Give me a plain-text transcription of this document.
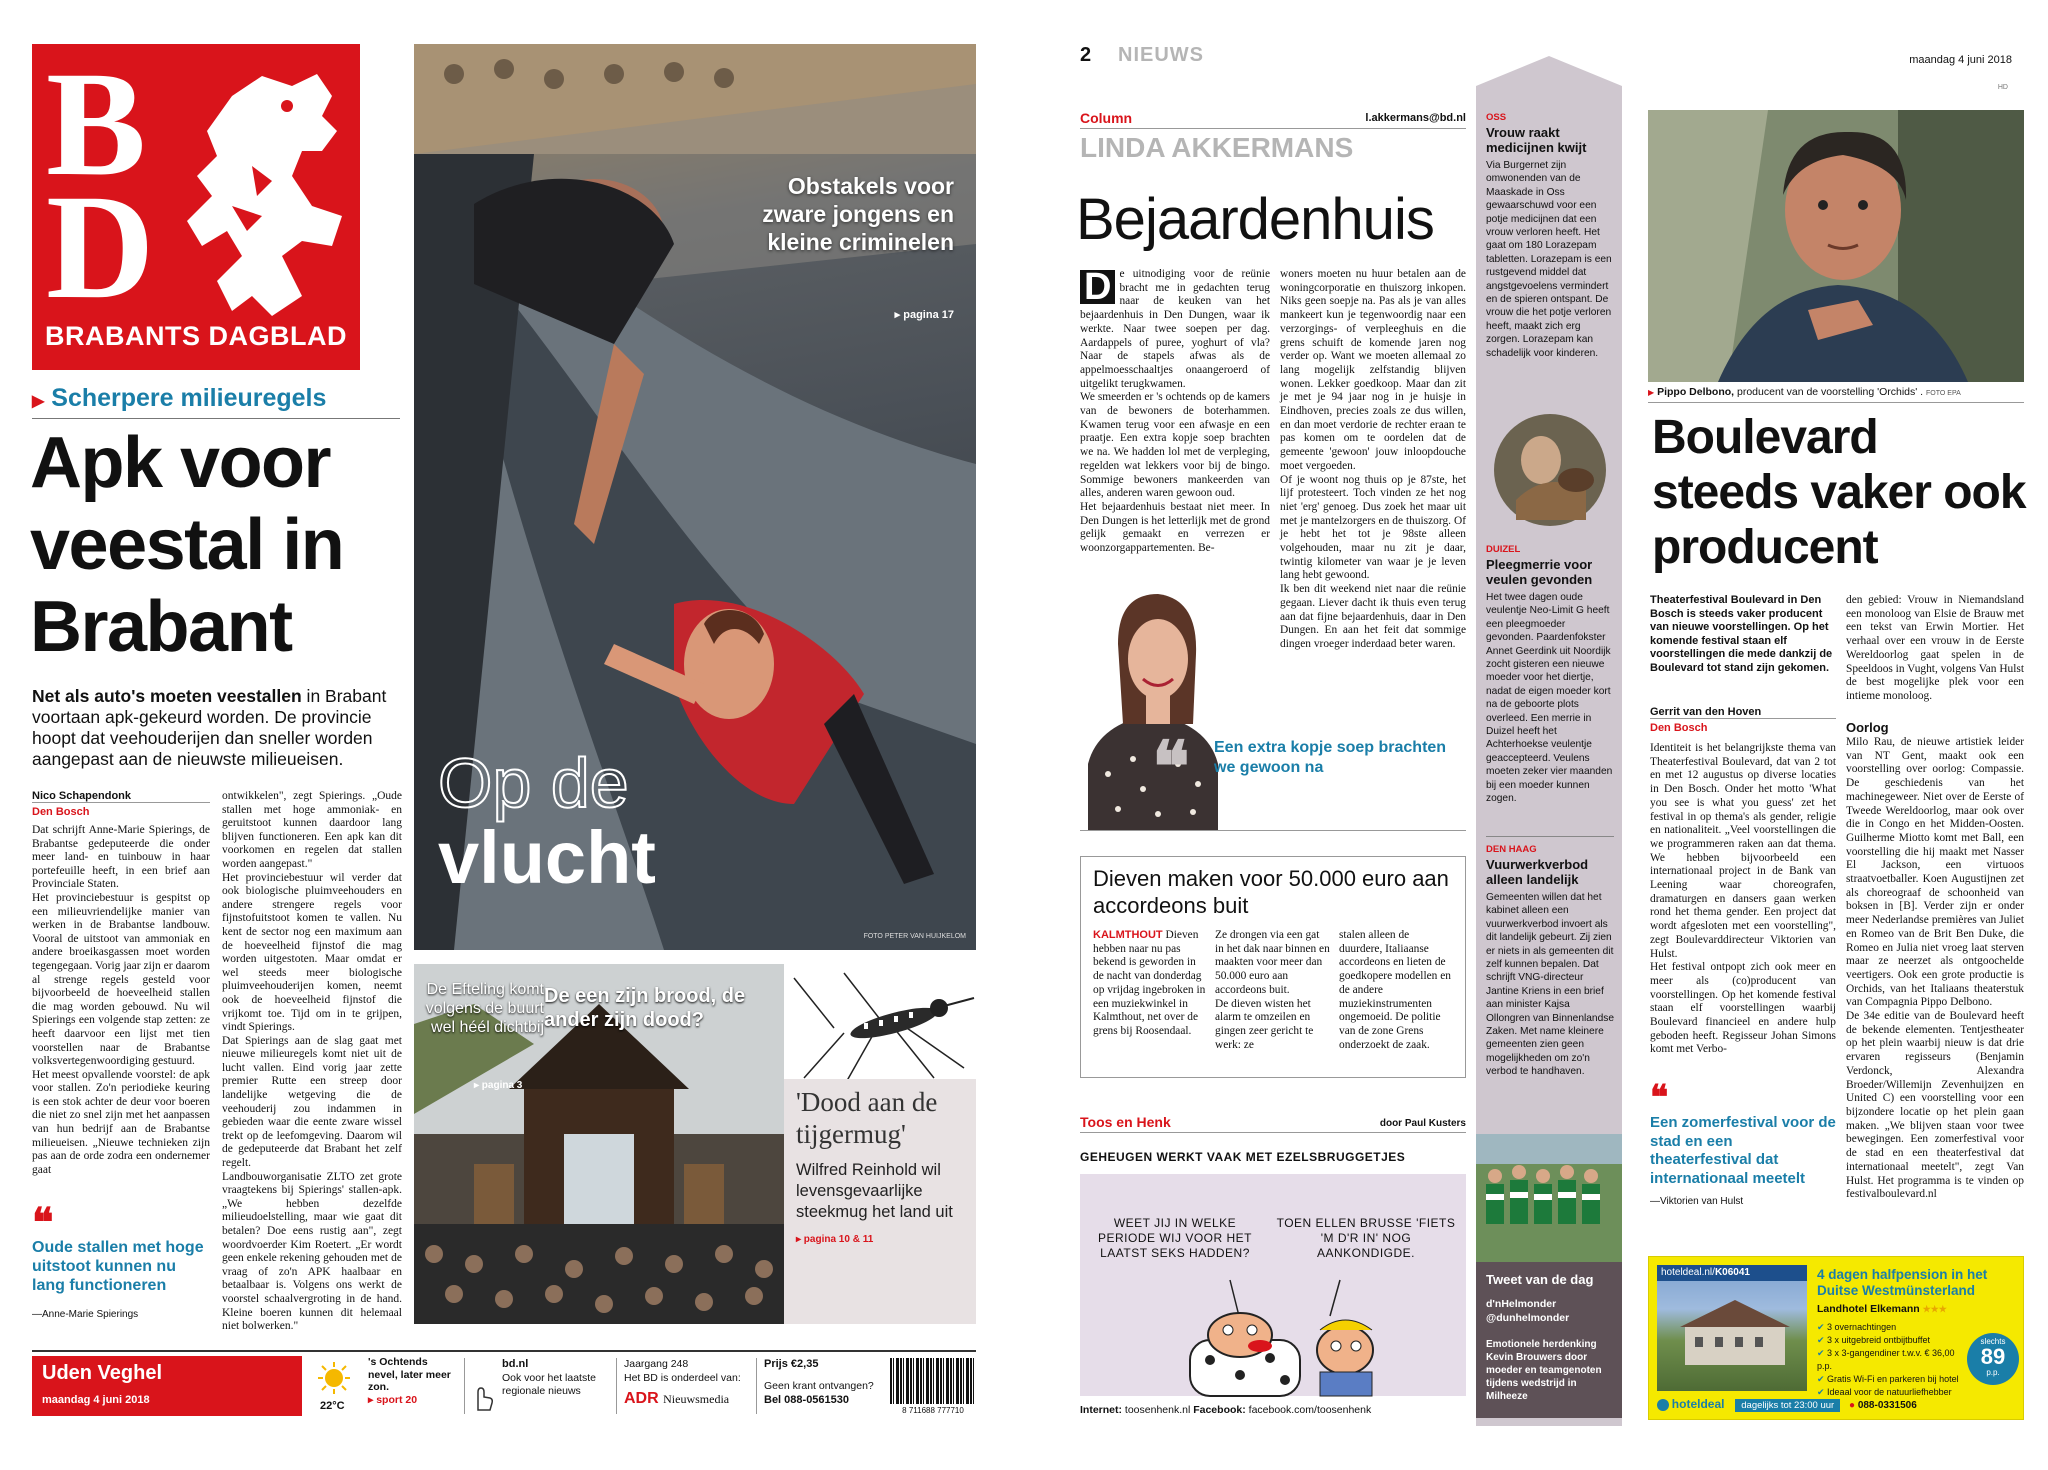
B
D
BRABANTS DAGBLAD
▶ Scherpere milieuregels
Apk voor veestal in Brabant
Net als auto's moeten veestallen in Brabant voortaan apk-gekeurd worden. De provincie hoopt dat veehouderijen dan sneller worden aangepast aan de nieuwste milieueisen.
Nico Schapendonk
Den Bosch
Dat schrijft Anne-Marie Spierings, de Brabantse gedeputeerde die onder meer land- en tuinbouw in haar portefeuille heeft, in een brief aan Provinciale Staten.
Het provinciebestuur is gespitst op een milieuvriendelijke manier van werken in de Brabantse landbouw. Vooral de uitstoot van ammoniak en andere broeikasgassen moet worden tegengegaan. Vorig jaar zijn er daarom al strenge regels gesteld voor bijvoorbeeld de hoeveelheid stallen die mag worden gebouwd. Nu wil Spierings een volgende stap zetten: ze heeft daarvoor een lijst met tien voorstellen naar de Brabantse volksvertegenwoordiging gestuurd.
Het meest opvallende voorstel: de apk voor stallen. Zo'n periodieke keuring is een stok achter de deur voor boeren die niet zo snel zijn met het aanpassen van hun bedrijf aan de Brabantse milieueisen. „Nieuwe technieken zijn pas aan de orde zodra een ondernemer gaat
❝
Oude stallen met hoge uitstoot kunnen nu lang functioneren
—Anne-Marie Spierings
ontwikkelen", zegt Spierings. „Oude stallen met hoge ammoniak- en geruitstoot kunnen daardoor lang blijven functioneren. Een apk kan dit voorkomen en regelen dat stallen worden aangepast."
Het provinciebestuur wil verder dat ook biologische pluimveehouders en andere strengere regels voor fijnstofuitstoot komen te vallen. Nu kent de sector nog een maximum aan de hoeveelheid fijnstof die mag worden uitgestoten. Maar omdat er wel steeds meer biologische pluimveehouderijen komen, neemt ook de hoeveelheid fijnstof die vrijkomt toe. Tijd om in te grijpen, vindt Spierings.
Dat Spierings aan de slag gaat met nieuwe milieuregels komt niet uit de lucht vallen. Eind vorig jaar zette premier Rutte een streep door landelijke wetgeving die de veehouderij zou indammen in gebieden waar die eente zware wissel trekt op de leefomgeving. Daarom wil de gedeputeerde dat Brabant het zelf regelt.
Landbouworganisatie ZLTO zet grote vraagtekens bij Spierings' stallen-apk. „We hebben dezelfde milieudoelstelling, maar wie gaat dit betalen? Doe eens rustig aan", zegt woordvoerder Kim Roetert. „Er wordt geen enkele rekening gehouden met de vraag of zo'n APK haalbaar en betaalbaar is. Volgens ons werkt de voorstel schaalvergroting in de hand. Kleine boeren kunnen dit helemaal niet bolwerken."
Obstakels voor zware jongens en kleine criminelen
▸ pagina 17
Op de
vlucht
FOTO PETER VAN HUIJKELOM
De Efteling komt volgens de buurt wel héél dichtbij
▸ pagina 3
De een zijn brood, de ander zijn dood?
'Dood aan de tijgermug'
Wilfred Reinhold wil levensgevaarlijke steekmug het land uit
▸ pagina 10 & 11
Uden Veghel
maandag 4 juni 2018	22°C
's Ochtends nevel, later meer zon.
▸ sport 20
bd.nl
Ook voor het laatste regionale nieuws
Jaargang 248
Het BD is onderdeel van:
ADR Nieuwsmedia
Prijs €2,35
Geen krant ontvangen?
Bel 088-0561530
8 711688 777710
2 NIEUWS	maandag 4 juni 2018
HD
Column	l.akkermans@bd.nl
LINDA AKKERMANS
Bejaardenhuis
D e uitnodiging voor de reünie bracht me in gedachten terug naar de keuken van het bejaardenhuis in Den Dungen, waar ik werkte. Naar twee soepen per dag. Aardappels of puree, yoghurt of vla? Naar de stapels afwas als de appelmoesschaaltjes onaangeroerd of uitgelikt terugkwamen.
We smeerden er 's ochtends op de kamers van de bewoners de boterhammen. Kwamen terug voor een afwasje en een praatje. Een extra kopje soep brachten we na. We hadden lol met de verpleging, regelden wat lekkers voor bij de bingo. Sommige bewoners mankeerden van alles, anderen waren gewoon oud.
Het bejaardenhuis bestaat niet meer. In Den Dungen is het letterlijk met de grond gelijk gemaakt en verrezen er woonzorgappartementen. Be-
woners moeten nu huur betalen aan de woningcorporatie en thuiszorg inkopen. Niks geen soepje na. Pas als je van alles mankeert kun je tegenwoordig naar een verzorgings- of verpleeghuis en die grens schuift de komende jaren nog verder op. Want we moeten allemaal zo lang mogelijk zelfstandig blijven wonen. Lekker goedkoop. Maar dan zit je met je 94 jaar nog in je huisje in Eindhoven, precies zoals ze dus willen, en dan moet verdorie de rechter eraan te pas komen om te oordelen dat de gemeente 'gewoon' jouw inloopdouche moet vergoeden.
Of je woont nog thuis op je 87ste, het lijf protesteert. Toch vinden ze het nog niet 'erg' genoeg. Dus zoek het maar uit met je mantelzorgers en de thuiszorg. Of je hebt het tot je 98ste alleen volgehouden, maar nu zit je daar, twintig kilometer van waar je je leven lang hebt gewoond.
Ik ben dit weekend niet naar die reünie gegaan. Liever dacht ik thuis even terug aan dat fijne bejaardenhuis, daar in Den Dungen. En aan het feit dat sommige dingen vroeger inderdaad beter waren.
❝ Een extra kopje soep brachten we gewoon na
Dieven maken voor 50.000 euro aan accordeons buit
KALMTHOUT Dieven hebben naar nu pas bekend is geworden in de nacht van donderdag op vrijdag ingebroken in een muziekwinkel in Kalmthout, net over de grens bij Roosendaal.
Ze drongen via een gat in het dak naar binnen en maakten voor meer dan 50.000 euro aan accordeons buit.
De dieven wisten het alarm te omzeilen en gingen zeer gericht te werk: ze
stalen alleen de duurdere, Italiaanse accordeons en lieten de goedkopere modellen en de andere muziekinstrumenten ongemoeid. De politie van de zone Grens onderzoekt de zaak.
Toos en Henk	door Paul Kusters
GEHEUGEN WERKT VAAK MET EZELSBRUGGETJES
WEET JIJ IN WELKE PERIODE WIJ VOOR HET LAATST SEKS HADDEN?
TOEN ELLEN BRUSSE 'FIETS 'M D'R IN' NOG AANKONDIGDE.
Internet: toosenhenk.nl Facebook: facebook.com/toosenhenk
OSS
Vrouw raakt medicijnen kwijt
Via Burgernet zijn omwonenden van de Maaskade in Oss gewaarschuwd voor een potje medicijnen dat een vrouw verloren heeft. Het gaat om 180 Lorazepam tabletten. Lorazepam is een rustgevend middel dat angstgevoelens vermindert en de spieren ontspant. De vrouw die het potje verloren heeft, maakt zich erg zorgen. Lorazepam kan schadelijk voor kinderen.
DUIZEL
Pleegmerrie voor veulen gevonden
Het twee dagen oude veulentje Neo-Limit G heeft een pleegmoeder gevonden. Paardenfokster Annet Geerdink uit Noordijk zocht gisteren een nieuwe moeder voor het diertje, nadat de eigen moeder kort na de geboorte plots overleed. Een merrie in Duizel heeft het Achterhoekse veulentje geaccepteerd. Veulens moeten zeker vier maanden bij een moeder kunnen zogen.
DEN HAAG
Vuurwerkverbod alleen landelijk
Gemeenten willen dat het kabinet alleen een vuurwerkverbod invoert als dit landelijk gebeurt. Zij zien er niets in als gemeenten dit zelf kunnen bepalen. Dat schrijft VNG-directeur Jantine Kriens in een brief aan minister Kajsa Ollongren van Binnenlandse Zaken. Met name kleinere gemeenten zien geen mogelijkheden om zo'n verbod te handhaven.
Tweet van de dag
d'nHelmonder
@dunhelmonder
Emotionele herdenking Kevin Brouwers door moeder en teamgenoten tijdens wedstrijd in Milheeze
▶ Pippo Delbono, producent van de voorstelling 'Orchids' . FOTO EPA
Boulevard steeds vaker ook producent
Theaterfestival Boulevard in Den Bosch is steeds vaker producent van nieuwe voorstellingen. Op het komende festival staan elf voorstellingen die mede dankzij de Boulevard tot stand zijn gekomen.
Gerrit van den Hoven
Den Bosch
Identiteit is het belangrijkste thema van Theaterfestival Boulevard, dat van 2 tot en met 12 augustus op diverse locaties in Den Bosch. Onder het motto 'What you see is what you guess' zet het festival in op thema's als gender, religie en nationaliteit. „Veel voorstellingen die we programmeren raken aan dat thema. We hebben bijvoorbeeld een internationaal project in de Bank van Leening waar choreografen, dramaturgen en dansers gaan werken rond het thema gender. Een project dat wordt afgesloten met een voorstelling", zegt Boulevarddirecteur Viktorien van Hulst.
Het festival ontpopt zich ook meer en meer als (co)producent van voorstellingen. Op het komende festival staan elf voorstellingen waarbij Boulevard financieel en andere hulp geboden heeft. Regisseur Johan Simons komt met Verbo-
❝
Een zomerfestival voor de stad en een theaterfestival dat internationaal meetelt
—Viktorien van Hulst
den gebied: Vrouw in Niemandsland een monoloog van Elsie de Brauw met een tekst van Erwin Mortier. Het verhaal over een vrouw in de Eerste Wereldoorlog gaat spelen in de Speeldoos in Vught, volgens Van Hulst de best mogelijke plek voor een intieme monoloog.
Oorlog
Milo Rau, de nieuwe artistiek leider van NT Gent, maakt ook een voorstelling over oorlog: Compassie. De geschiedenis van het machinegeweer. Niet over de Eerste of Tweede Wereldoorlog, maar ook over die in Congo en het Midden-Oosten. Guilherme Miotto komt met Ball, een voorstelling die hij maakt met Nasser El Jackson, een virtuoos straatvoetballer. Koen Augustijnen zet als choreograaf de schoonheid van boksen in [B]. Verder zijn er onder meer Nederlandse premières van Juliet en Romeo van de Brit Ben Duke, die Romeo en Julia niet vroeg laat sterven maar ze neerzet als ontgoochelde veertigers. Ook een grote productie is Orchids, van het Italiaans theaterstuk van Compagnia Pippo Delbono.
De 34e editie van de Boulevard heeft de bekende elementen. Tentjestheater op het plein waarbij nieuw is dat drie ervaren regisseurs (Benjamin Verdonck, Alexandra Broeder/Willemijn Zevenhuijzen en United C) een voorstelling voor een bijzondere locatie op het plein gaan maken. „We blijven staan voor twee bewegingen. Een zomerfestival voor de stad en een theaterfestival dat internationaal meetelt", zegt Van Hulst. Het programma is te vinden op festivalboulevard.nl
hoteldeal.nl/K06041	4 dagen halfpension in het Duitse Westmünsterland
Landhotel Elkemann ★★★
✔ 3 overnachtingen
✔ 3 x uitgebreid ontbijtbuffet
✔ 3 x 3-gangendiner t.w.v. € 36,00 p.p.
✔ Gratis Wi-Fi en parkeren bij hotel
✔ Ideaal voor de natuurliefhebber
slechts
89
p.p.
hoteldeal dagelijks tot 23:00 uur ● 088-0331506
